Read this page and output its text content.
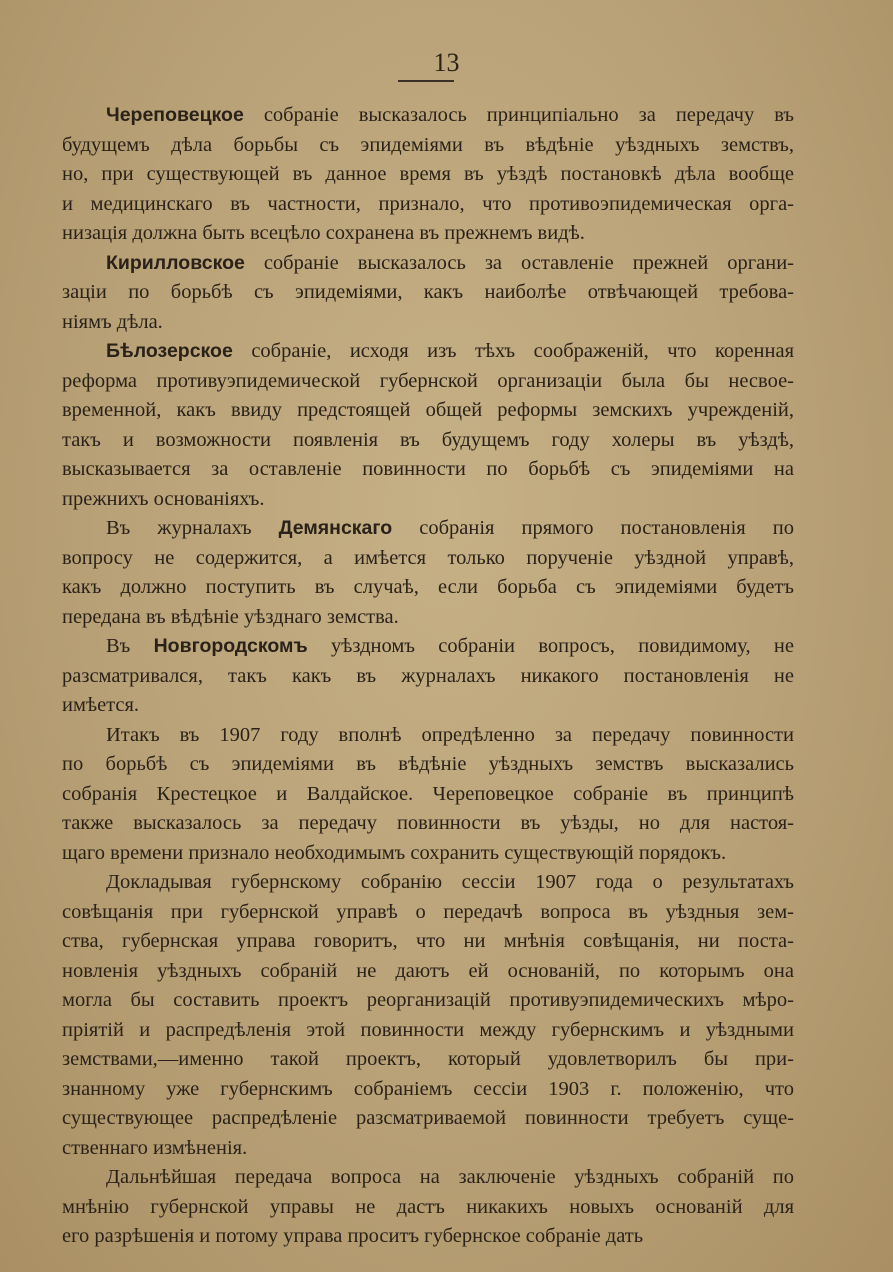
13
Череповецкое собраніе высказалось принципіально за передачу въ
будущемъ дѣла борьбы съ эпидеміями въ вѣдѣніе уѣздныхъ земствъ,
но, при существующей въ данное время въ уѣздѣ постановкѣ дѣла вообще
и медицинскаго въ частности, признало, что противоэпидемическая орга-
низація должна быть всецѣло сохранена въ прежнемъ видѣ.
Кирилловское собраніе высказалось за оставленіе прежней органи-
заціи по борьбѣ съ эпидеміями, какъ наиболѣе отвѣчающей требова-
ніямъ дѣла.
Бѣлозерское собраніе, исходя изъ тѣхъ соображеній, что коренная
реформа противуэпидемической губернской организаціи была бы несвое-
временной, какъ ввиду предстоящей общей реформы земскихъ учрежденій,
такъ и возможности появленія въ будущемъ году холеры въ уѣздѣ,
высказывается за оставленіе повинности по борьбѣ съ эпидеміями на
прежнихъ основаніяхъ.
Въ журналахъ Демянскаго собранія прямого постановленія по
вопросу не содержится, а имѣется только порученіе уѣздной управѣ,
какъ должно поступить въ случаѣ, если борьба съ эпидеміями будетъ
передана въ вѣдѣніе уѣзднаго земства.
Въ Новгородскомъ уѣздномъ собраніи вопросъ, повидимому, не
разсматривался, такъ какъ въ журналахъ никакого постановленія не
имѣется.
Итакъ въ 1907 году вполнѣ опредѣленно за передачу повинности
по борьбѣ съ эпидеміями въ вѣдѣніе уѣздныхъ земствъ высказались
собранія Крестецкое и Валдайское. Череповецкое собраніе въ принципѣ
также высказалось за передачу повинности въ уѣзды, но для настоя-
щаго времени признало необходимымъ сохранить существующій порядокъ.
Докладывая губернскому собранію сессіи 1907 года о результатахъ
совѣщанія при губернской управѣ о передачѣ вопроса въ уѣздныя зем-
ства, губернская управа говоритъ, что ни мнѣнія совѣщанія, ни поста-
новленія уѣздныхъ собраній не даютъ ей основаній, по которымъ она
могла бы составить проектъ реорганизацій противуэпидемическихъ мѣро-
пріятій и распредѣленія этой повинности между губернскимъ и уѣздными
земствами,—именно такой проектъ, который удовлетворилъ бы при-
знанному уже губернскимъ собраніемъ сессіи 1903 г. положенію, что
существующее распредѣленіе разсматриваемой повинности требуетъ суще-
ственнаго измѣненія.
Дальнѣйшая передача вопроса на заключеніе уѣздныхъ собраній по
мнѣнію губернской управы не дастъ никакихъ новыхъ основаній для
его разрѣшенія и потому управа проситъ губернское собраніе дать
